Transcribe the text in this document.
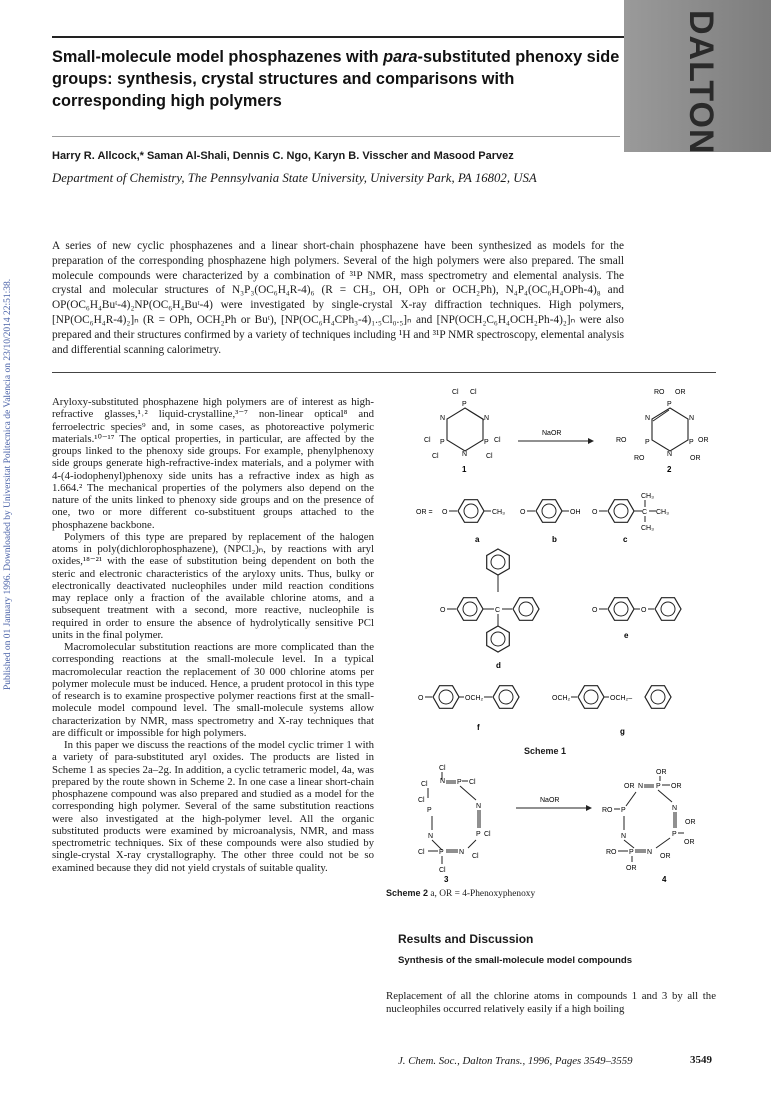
DALTON
Small-molecule model phosphazenes with para-substituted phenoxy side groups: synthesis, crystal structures and comparisons with corresponding high polymers
Harry R. Allcock,* Saman Al-Shali, Dennis C. Ngo, Karyn B. Visscher and Masood Parvez
Department of Chemistry, The Pennsylvania State University, University Park, PA 16802, USA
Published on 01 January 1996. Downloaded by Universitat Politecnica de Valencia on 23/10/2014 22:51:38.
A series of new cyclic phosphazenes and a linear short-chain phosphazene have been synthesized as models for the preparation of the corresponding phosphazene high polymers. Several of the high polymers were also prepared. The small molecule compounds were characterized by a combination of ³¹P NMR, mass spectrometry and elemental analysis. The crystal and molecular structures of N₃P₃(OC₆H₄R-4)₆ (R = CH₃, OH, OPh or OCH₂Ph), N₄P₄(OC₆H₄OPh-4)₈ and OP(OC₆H₄Buᵗ-4)₂NP(OC₆H₄Buᵗ-4) were investigated by single-crystal X-ray diffraction techniques. High polymers, [NP(OC₆H₄R-4)₂]ₙ (R = OPh, OCH₂Ph or Buᵗ), [NP(OC₆H₄CPh₃-4)₁.₅Cl₀.₅]ₙ and [NP(OCH₂C₆H₄OCH₂Ph-4)₂]ₙ were also prepared and their structures confirmed by a variety of techniques including ¹H and ³¹P NMR spectroscopy, elemental analysis and differential scanning calorimetry.

Aryloxy-substituted phosphazene high polymers are of interest as high-refractive glasses,¹˒² liquid-crystalline,³⁻⁷ non-linear optical⁸ and ferroelectric species⁹ and, in some cases, as photoreactive polymeric materials.¹⁰⁻¹⁷ The optical properties, in particular, are affected by the groups linked to the phenoxy side groups. For example, phenylphenoxy side groups generate high-refractive-index materials, and a polymer with 4-(4-iodophenyl)phenoxy side units has a refractive index as high as 1.664.² The mechanical properties of the polymers also depend on the nature of the units linked to phenoxy side groups and on the presence of one, two or more different co-substituent groups attached to the phosphazene backbone.

Polymers of this type are prepared by replacement of the halogen atoms in poly(dichlorophosphazene), (NPCl₂)ₙ, by reactions with aryl oxides,¹⁸⁻²¹ with the ease of substitution being dependent on both the steric and electronic characteristics of the aryloxy units. Thus, bulky or electronically deactivated nucleophiles under mild reaction conditions may replace only a fraction of the available chlorine atoms, and a subsequent treatment with a second, more reactive, nucleophile is required in order to ensure the absence of hydrolytically sensitive PCl units in the final polymer.

Macromolecular substitution reactions are more complicated than the corresponding reactions at the small-molecule level. In a typical macromolecular reaction the replacement of 30 000 chlorine atoms per polymer molecule must be induced. Hence, a prudent protocol in this type of research is to examine prospective polymer reactions first at the small-molecule model compound level. The small-molecule systems allow characterization by NMR, mass spectrometry and X-ray techniques that are difficult or impossible for high polymers.

In this paper we discuss the reactions of the model cyclic trimer 1 with a variety of para-substituted aryl oxides. The products are listed in Scheme 1 as species 2a–2g. In addition, a cyclic tetrameric model, 4a, was prepared by the route shown in Scheme 2. In one case a linear short-chain phosphazene compound was also prepared and studied as a model for the corresponding high polymer. Several of the same substitution reactions were also investigated at the high-polymer level. All the organic substituted products were examined by microanalysis, NMR, and mass spectrometric techniques. Six of these compounds were also studied by single-crystal X-ray crystallography. The other three could not be so examined because they did not yield crystals of suitable quality.

P
N
N
P	P
N
Cl Cl
Cl
Cl
Cl
Cl
1
NaOR
P
N
N
P	P
N
RO OR
RO
RO
OR
OR
2
OR = O	CH₃ O	OH O	C
CH₃
CH₃
CH₃
a	b	c
O	C
d
O	O
e
O	OCH₂
f
OCH₂	OCH₂–
g
Cl
Cl
Cl
P
N P Cl
N
P Cl
N
Cl P N
Cl
Cl
3
NaOR
OR
OR N P OR
RO P
N
N
P
OR
OR
RO P N
OR
OR
4
Scheme 1
Scheme 2 a, OR = 4-Phenoxyphenoxy
Results and Discussion
Synthesis of the small-molecule model compounds
Replacement of all the chlorine atoms in compounds 1 and 3 by all the nucleophiles occurred relatively easily if a high boiling
J. Chem. Soc., Dalton Trans., 1996, Pages 3549–3559	3549
